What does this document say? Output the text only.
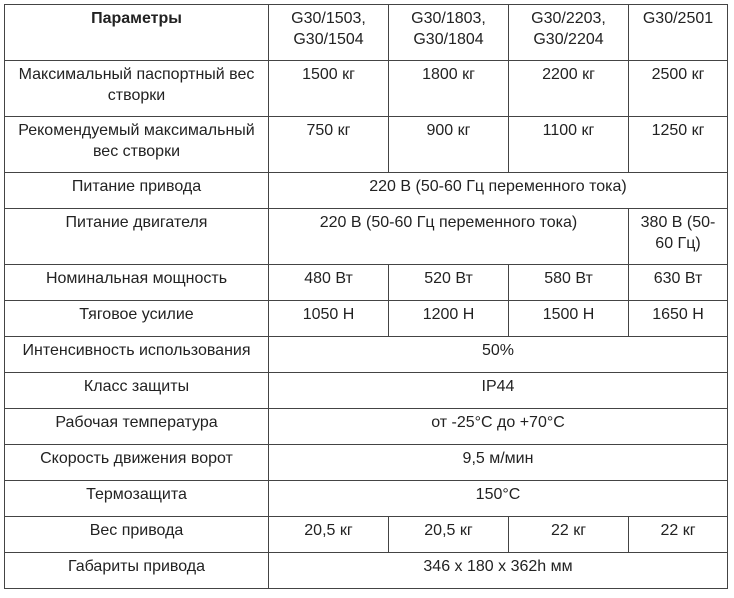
Параметры	G30/1503, G30/1504	G30/1803, G30/1804	G30/2203, G30/2204	G30/2501
Максимальный паспортный вес створки	1500 кг	1800 кг	2200 кг	2500 кг
Рекомендуемый максимальный вес створки	750 кг	900 кг	1100 кг	1250 кг
Питание привода	220 В (50-60 Гц переменного тока)			
Питание двигателя	220 В (50-60 Гц переменного тока)			380 В (50-60 Гц)
Номинальная мощность	480 Вт	520 Вт	580 Вт	630 Вт
Тяговое усилие	1050 Н	1200 Н	1500 Н	1650 Н
Интенсивность использования	50%			
Класс защиты	IP44			
Рабочая температура	от -25°C до +70°C			
Скорость движения ворот	9,5 м/мин			
Термозащита	150°C			
Вес привода	20,5 кг	20,5 кг	22 кг	22 кг
Габариты привода	346 х 180 х 362h мм			
